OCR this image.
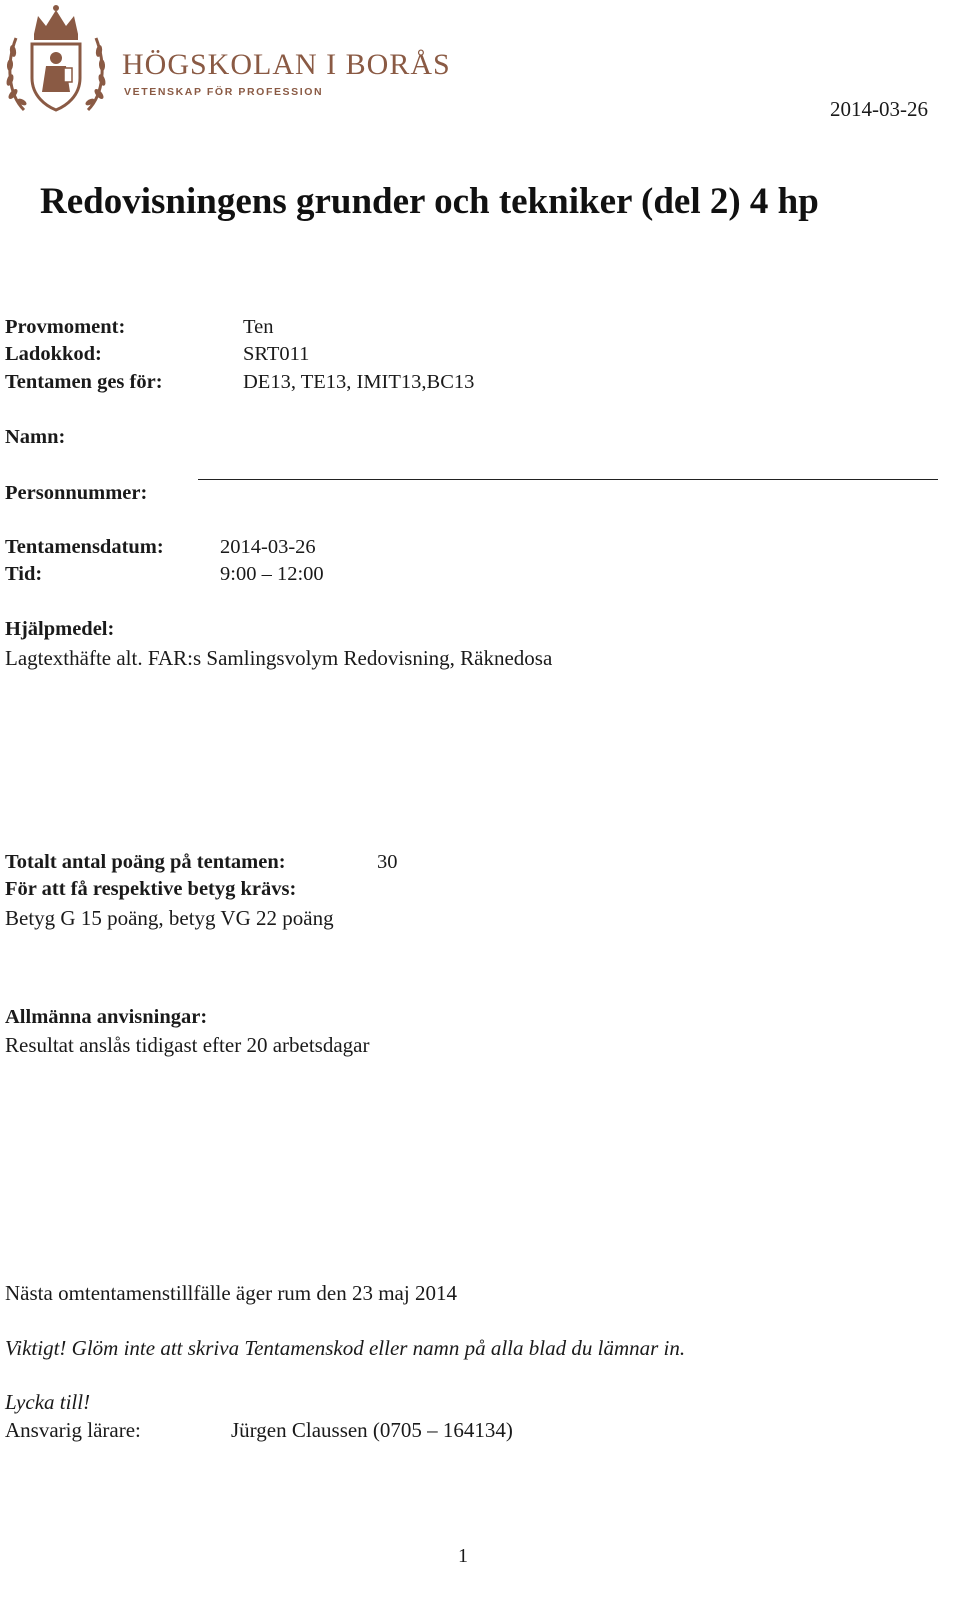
HÖGSKOLAN I BORÅS
VETENSKAP FÖR PROFESSION
2014-03-26
Redovisningens grunder och tekniker (del 2) 4 hp
Provmoment:	Ten
Ladokkod:	SRT011
Tentamen ges för:	DE13, TE13, IMIT13,BC13
Namn:
Personnummer:
Tentamensdatum:	2014-03-26
Tid:	9:00 – 12:00
Hjälpmedel:
Lagtexthäfte alt. FAR:s Samlingsvolym Redovisning, Räknedosa
Totalt antal poäng på tentamen:	30
För att få respektive betyg krävs:
Betyg G 15 poäng, betyg VG 22 poäng
Allmänna anvisningar:
Resultat anslås tidigast efter 20 arbetsdagar
Nästa omtentamenstillfälle äger rum den 23 maj 2014
Viktigt! Glöm inte att skriva Tentamenskod eller namn på alla blad du lämnar in.
Lycka till!
Ansvarig lärare:	Jürgen Claussen (0705 – 164134)
1
